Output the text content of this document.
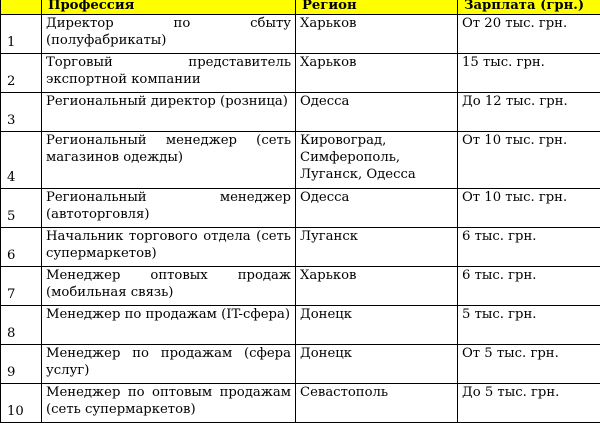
	Профессия	Регион	Зарплата (грн.)
1	Директор по сбыту (полуфабрикаты)	Харьков	От 20 тыс. грн.
2	Торговый представитель экспортной компании	Харьков	15 тыс. грн.
3	Региональный директор (розница)	Одесса	До 12 тыс. грн.
4	Региональный менеджер (сеть магазинов одежды)	Кировоград,
Симферополь,
Луганск, Одесса	От 10 тыс. грн.
5	Региональный менеджер (автоторговля)	Одесса	От 10 тыс. грн.
6	Начальник торгового отдела (сеть супермаркетов)	Луганск	6 тыс. грн.
7	Менеджер оптовых продаж (мобильная связь)	Харьков	6 тыс. грн.
8	Менеджер по продажам (IT-сфера)	Донецк	5 тыс. грн.
9	Менеджер по продажам (сфера услуг)	Донецк	От 5 тыс. грн.
10	Менеджер по оптовым продажам (сеть супермаркетов)	Севастополь	До 5 тыс. грн.
